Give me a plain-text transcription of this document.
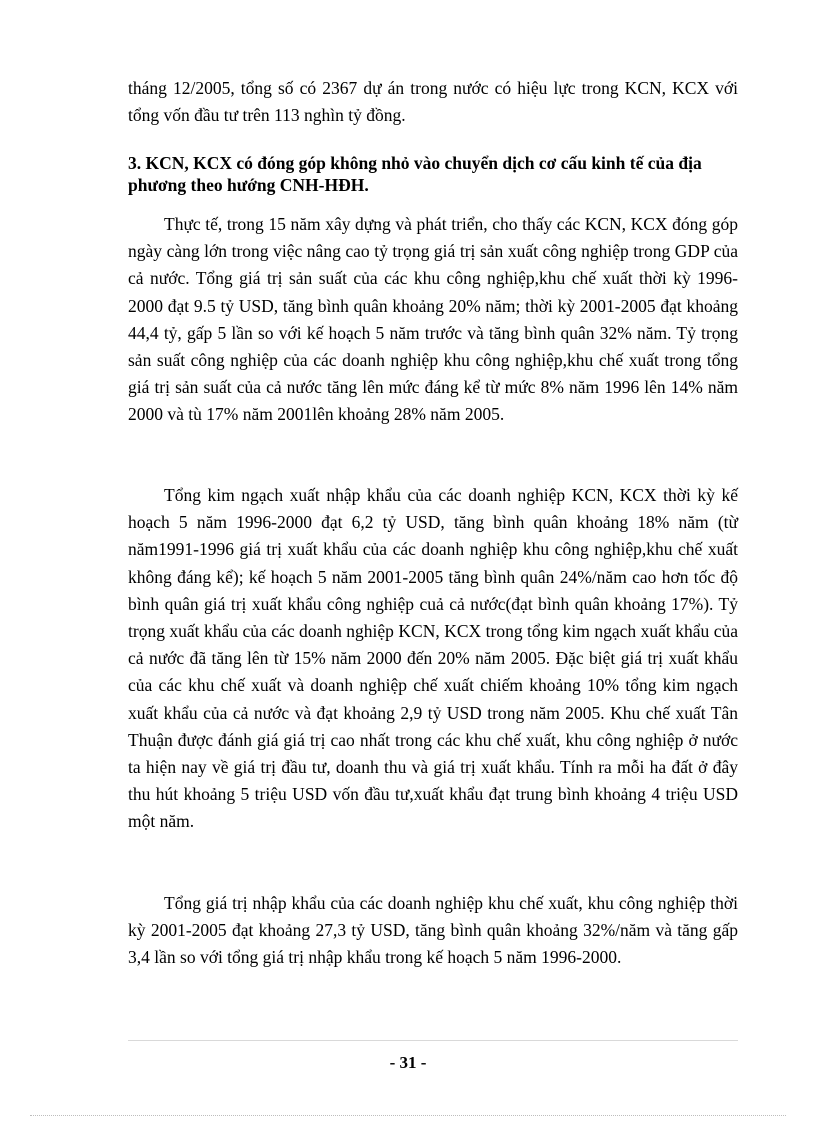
tháng 12/2005, tổng số có 2367 dự án trong nước có hiệu lực trong KCN, KCX với tổng vốn đầu tư trên 113 nghìn tỷ đồng.

3. KCN, KCX có đóng góp không nhỏ vào chuyển dịch cơ cấu kinh tế của địa phương theo hướng CNH-HĐH.

Thực tế, trong 15 năm xây dựng và phát triển, cho thấy các KCN, KCX đóng góp ngày càng lớn trong việc nâng cao tỷ trọng giá trị sản xuất công nghiệp trong GDP của cả nước. Tổng giá trị sản suất của các khu công nghiệp,khu chế xuất thời kỳ 1996-2000 đạt 9.5 tỷ USD, tăng bình quân khoảng 20% năm; thời kỳ 2001-2005 đạt khoảng 44,4 tỷ, gấp 5 lần so với kế hoạch 5 năm trước và tăng bình quân 32% năm. Tỷ trọng sản suất công nghiệp của các doanh nghiệp khu công nghiệp,khu chế xuất trong tổng giá trị sản suất của cả nước tăng lên mức đáng kể từ mức 8% năm 1996 lên 14% năm 2000 và tù 17% năm 2001lên khoảng 28% năm 2005.

Tổng kim ngạch xuất nhập khẩu của các doanh nghiệp KCN, KCX thời kỳ kế hoạch 5 năm 1996-2000 đạt 6,2 tỷ USD, tăng bình quân khoảng 18% năm (từ năm1991-1996 giá trị xuất khẩu của các doanh nghiệp khu công nghiệp,khu chế xuất không đáng kể); kế hoạch 5 năm 2001-2005 tăng bình quân 24%/năm cao hơn tốc độ bình quân giá trị xuất khẩu công nghiệp cuả cả nước(đạt bình quân khoảng 17%). Tỷ trọng xuất khẩu của các doanh nghiệp KCN, KCX trong tổng kim ngạch xuất khẩu của cả nước đã tăng lên từ 15% năm 2000 đến 20% năm 2005. Đặc biệt giá trị xuất khẩu của các khu chế xuất và doanh nghiệp chế xuất chiếm khoảng 10% tổng kim ngạch xuất khẩu của cả nước và đạt khoảng 2,9 tỷ USD trong năm 2005. Khu chế xuất Tân Thuận được đánh giá giá trị cao nhất trong các khu chế xuất, khu công nghiệp ở nước ta hiện nay về giá trị đầu tư, doanh thu và giá trị xuất khẩu. Tính ra mỗi ha đất ở đây thu hút khoảng 5 triệu USD vốn đầu tư,xuất khẩu đạt trung bình khoảng 4 triệu USD một năm.

Tổng giá trị nhập khẩu của các doanh nghiệp khu chế xuất, khu công nghiệp thời kỳ 2001-2005 đạt khoảng 27,3 tỷ USD, tăng bình quân khoảng 32%/năm và tăng gấp 3,4 lần so với tổng giá trị nhập khẩu trong kế hoạch 5 năm 1996-2000.

- 31 -
